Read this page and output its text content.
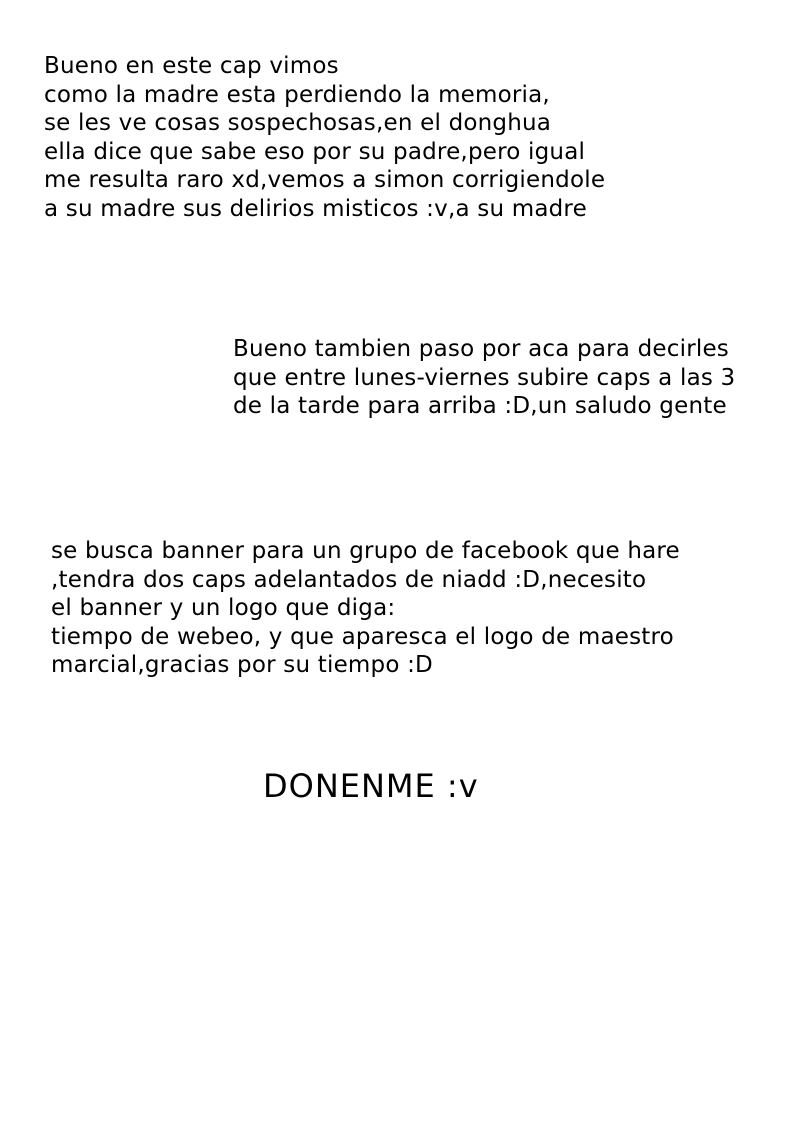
Bueno en este cap vimos
como la madre esta perdiendo la memoria,
se les ve cosas sospechosas,en el donghua
ella dice que sabe eso por su padre,pero igual
me resulta raro xd,vemos a simon corrigiendole
a su madre sus delirios misticos :v,a su madre
Bueno tambien paso por aca para decirles
que entre lunes-viernes subire caps a las 3
de la tarde para arriba :D,un saludo gente
se busca banner para un grupo de facebook que hare
,tendra dos caps adelantados de niadd :D,necesito
el banner y un logo que diga:
tiempo de webeo, y que aparesca el logo de maestro
marcial,gracias por su tiempo :D
DONENME :v
